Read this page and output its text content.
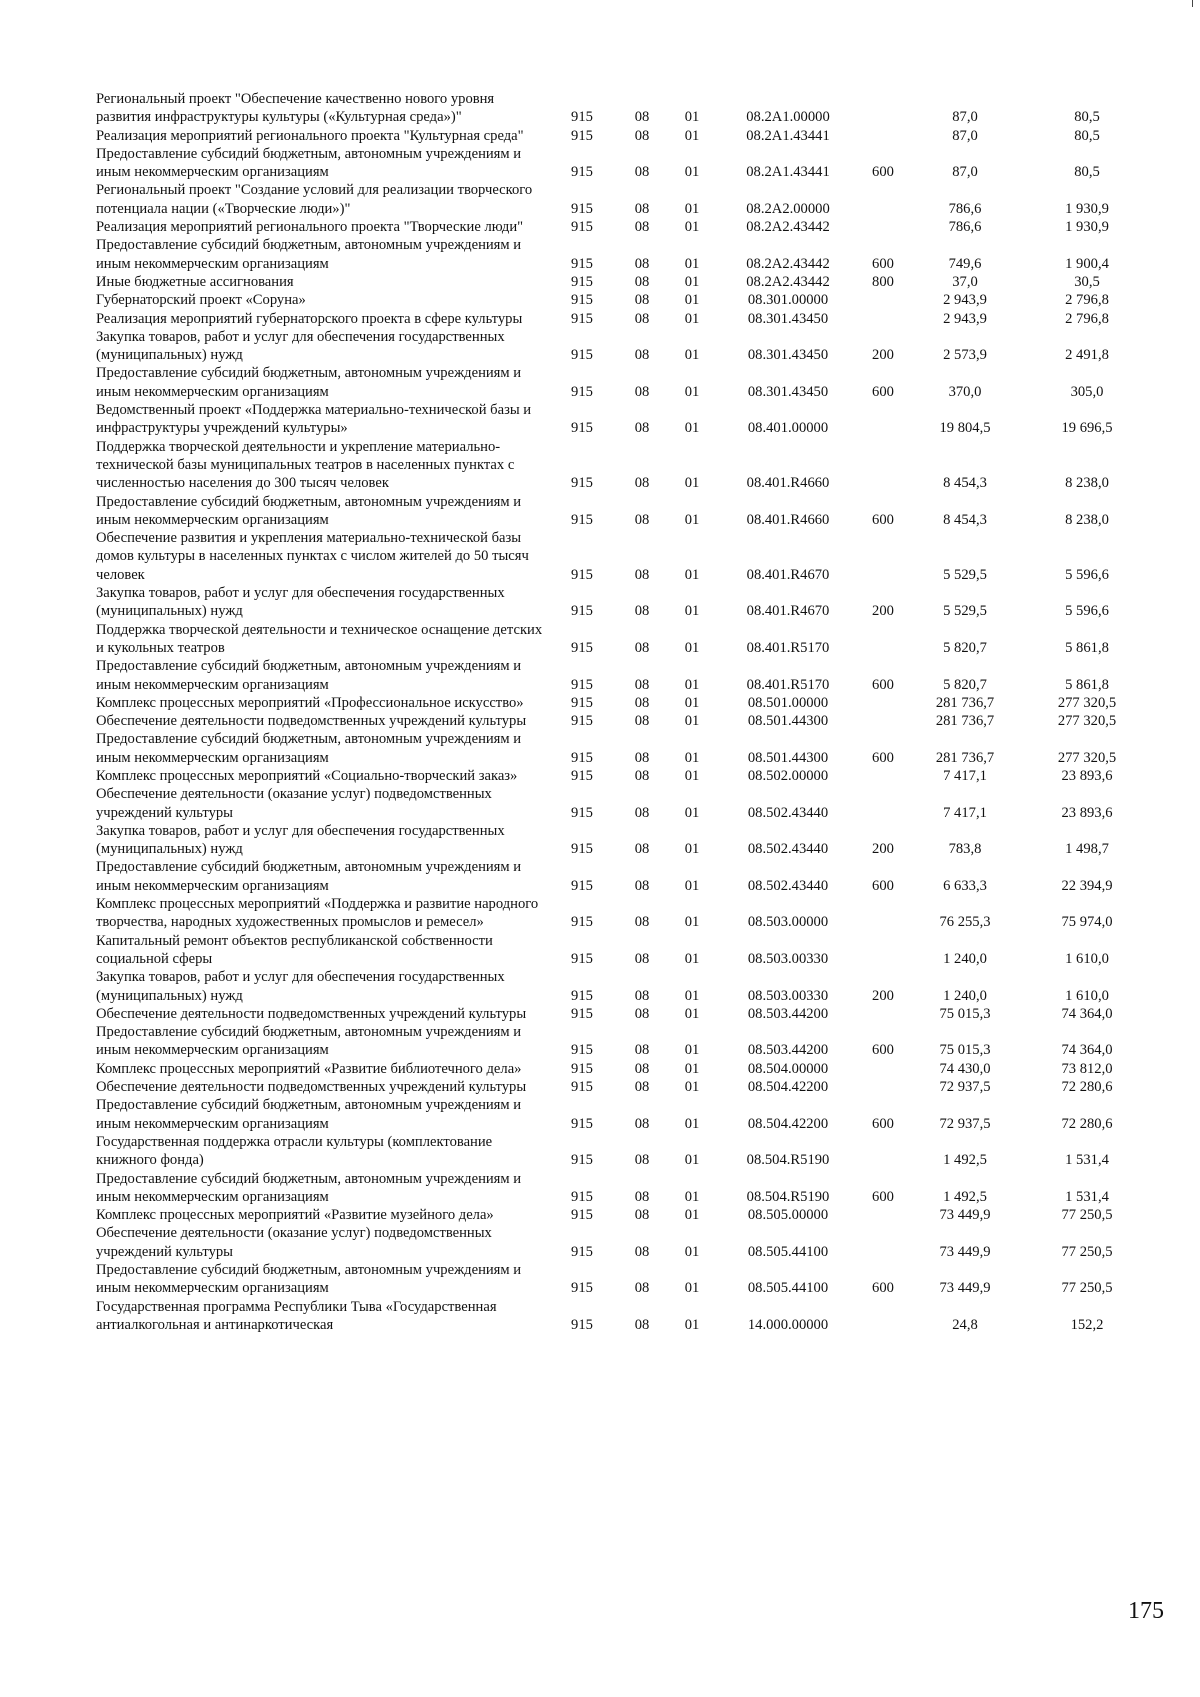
Региональный проект "Обеспечение качественно нового уровня развития инфраструктуры культуры («Культурная среда»)"	915	08	01	08.2A1.00000		87,0	80,5
Реализация мероприятий регионального проекта "Культурная среда"	915	08	01	08.2A1.43441		87,0	80,5
Предоставление субсидий бюджетным, автономным учреждениям и иным некоммерческим организациям	915	08	01	08.2A1.43441	600	87,0	80,5
Региональный проект "Создание условий для реализации творческого потенциала нации («Творческие люди»)"	915	08	01	08.2A2.00000		786,6	1 930,9
Реализация мероприятий регионального проекта "Творческие люди"	915	08	01	08.2A2.43442		786,6	1 930,9
Предоставление субсидий бюджетным, автономным учреждениям и иным некоммерческим организациям	915	08	01	08.2A2.43442	600	749,6	1 900,4
Иные бюджетные ассигнования	915	08	01	08.2A2.43442	800	37,0	30,5
Губернаторский проект «Соруна»	915	08	01	08.301.00000		2 943,9	2 796,8
Реализация мероприятий губернаторского проекта в сфере культуры	915	08	01	08.301.43450		2 943,9	2 796,8
Закупка товаров, работ и услуг для обеспечения государственных (муниципальных) нужд	915	08	01	08.301.43450	200	2 573,9	2 491,8
Предоставление субсидий бюджетным, автономным учреждениям и иным некоммерческим организациям	915	08	01	08.301.43450	600	370,0	305,0
Ведомственный проект «Поддержка материально-технической базы и инфраструктуры учреждений культуры»	915	08	01	08.401.00000		19 804,5	19 696,5
Поддержка творческой деятельности и укрепление материально-технической базы муниципальных театров в населенных пунктах с численностью населения до 300 тысяч человек	915	08	01	08.401.R4660		8 454,3	8 238,0
Предоставление субсидий бюджетным, автономным учреждениям и иным некоммерческим организациям	915	08	01	08.401.R4660	600	8 454,3	8 238,0
Обеспечение развития и укрепления материально-технической базы домов культуры в населенных пунктах с числом жителей до 50 тысяч человек	915	08	01	08.401.R4670		5 529,5	5 596,6
Закупка товаров, работ и услуг для обеспечения государственных (муниципальных) нужд	915	08	01	08.401.R4670	200	5 529,5	5 596,6
Поддержка творческой деятельности и техническое оснащение детских и кукольных театров	915	08	01	08.401.R5170		5 820,7	5 861,8
Предоставление субсидий бюджетным, автономным учреждениям и иным некоммерческим организациям	915	08	01	08.401.R5170	600	5 820,7	5 861,8
Комплекс процессных мероприятий «Профессиональное искусство»	915	08	01	08.501.00000		281 736,7	277 320,5
Обеспечение деятельности подведомственных учреждений культуры	915	08	01	08.501.44300		281 736,7	277 320,5
Предоставление субсидий бюджетным, автономным учреждениям и иным некоммерческим организациям	915	08	01	08.501.44300	600	281 736,7	277 320,5
Комплекс процессных мероприятий «Социально-творческий заказ»	915	08	01	08.502.00000		7 417,1	23 893,6
Обеспечение деятельности (оказание услуг) подведомственных учреждений культуры	915	08	01	08.502.43440		7 417,1	23 893,6
Закупка товаров, работ и услуг для обеспечения государственных (муниципальных) нужд	915	08	01	08.502.43440	200	783,8	1 498,7
Предоставление субсидий бюджетным, автономным учреждениям и иным некоммерческим организациям	915	08	01	08.502.43440	600	6 633,3	22 394,9
Комплекс процессных мероприятий «Поддержка и развитие народного творчества, народных художественных промыслов и ремесел»	915	08	01	08.503.00000		76 255,3	75 974,0
Капитальный ремонт объектов республиканской собственности социальной сферы	915	08	01	08.503.00330		1 240,0	1 610,0
Закупка товаров, работ и услуг для обеспечения государственных (муниципальных) нужд	915	08	01	08.503.00330	200	1 240,0	1 610,0
Обеспечение деятельности подведомственных учреждений культуры	915	08	01	08.503.44200		75 015,3	74 364,0
Предоставление субсидий бюджетным, автономным учреждениям и иным некоммерческим организациям	915	08	01	08.503.44200	600	75 015,3	74 364,0
Комплекс процессных мероприятий «Развитие библиотечного дела»	915	08	01	08.504.00000		74 430,0	73 812,0
Обеспечение деятельности подведомственных учреждений культуры	915	08	01	08.504.42200		72 937,5	72 280,6
Предоставление субсидий бюджетным, автономным учреждениям и иным некоммерческим организациям	915	08	01	08.504.42200	600	72 937,5	72 280,6
Государственная поддержка отрасли культуры (комплектование книжного фонда)	915	08	01	08.504.R5190		1 492,5	1 531,4
Предоставление субсидий бюджетным, автономным учреждениям и иным некоммерческим организациям	915	08	01	08.504.R5190	600	1 492,5	1 531,4
Комплекс процессных мероприятий «Развитие музейного дела»	915	08	01	08.505.00000		73 449,9	77 250,5
Обеспечение деятельности (оказание услуг) подведомственных учреждений культуры	915	08	01	08.505.44100		73 449,9	77 250,5
Предоставление субсидий бюджетным, автономным учреждениям и иным некоммерческим организациям	915	08	01	08.505.44100	600	73 449,9	77 250,5
Государственная программа Республики Тыва «Государственная антиалкогольная и антинаркотическая	915	08	01	14.000.00000		24,8	152,2
175
